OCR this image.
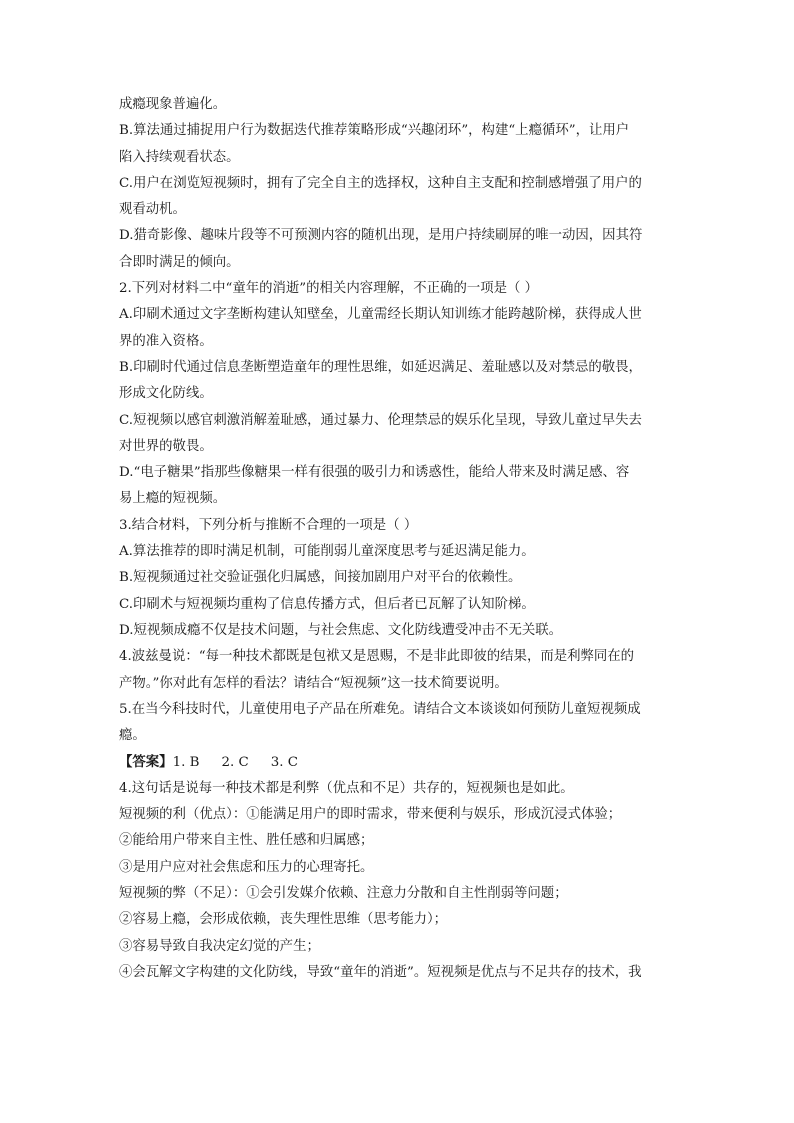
成瘾现象普遍化。
B.算法通过捕捉用户行为数据迭代推荐策略形成“兴趣闭环”，构建“上瘾循环”，让用户
陷入持续观看状态。
C.用户在浏览短视频时，拥有了完全自主的选择权，这种自主支配和控制感增强了用户的
观看动机。
D.猎奇影像、趣味片段等不可预测内容的随机出现，是用户持续刷屏的唯一动因，因其符
合即时满足的倾向。
2.下列对材料二中“童年的消逝”的相关内容理解，不正确的一项是（ ）
A.印刷术通过文字垄断构建认知壁垒，儿童需经长期认知训练才能跨越阶梯，获得成人世
界的准入资格。
B.印刷时代通过信息垄断塑造童年的理性思维，如延迟满足、羞耻感以及对禁忌的敬畏，
形成文化防线。
C.短视频以感官刺激消解羞耻感，通过暴力、伦理禁忌的娱乐化呈现，导致儿童过早失去
对世界的敬畏。
D.“电子糖果”指那些像糖果一样有很强的吸引力和诱惑性，能给人带来及时满足感、容
易上瘾的短视频。
3.结合材料，下列分析与推断不合理的一项是（ ）
A.算法推荐的即时满足机制，可能削弱儿童深度思考与延迟满足能力。
B.短视频通过社交验证强化归属感，间接加剧用户对平台的依赖性。
C.印刷术与短视频均重构了信息传播方式，但后者已瓦解了认知阶梯。
D.短视频成瘾不仅是技术问题，与社会焦虑、文化防线遭受冲击不无关联。
4.波兹曼说：“每一种技术都既是包袱又是恩赐，不是非此即彼的结果，而是利弊同在的
产物。”你对此有怎样的看法？请结合“短视频”这一技术简要说明。
5.在当今科技时代，儿童使用电子产品在所难免。请结合文本谈谈如何预防儿童短视频成
瘾。
【答案】1. B 2. C 3. C
4.这句话是说每一种技术都是利弊（优点和不足）共存的，短视频也是如此。
短视频的利（优点）：①能满足用户的即时需求，带来便利与娱乐，形成沉浸式体验；
②能给用户带来自主性、胜任感和归属感；
③是用户应对社会焦虑和压力的心理寄托。
短视频的弊（不足）：①会引发媒介依赖、注意力分散和自主性削弱等问题；
②容易上瘾，会形成依赖，丧失理性思维（思考能力）；
③容易导致自我决定幻觉的产生；
④会瓦解文字构建的文化防线，导致“童年的消逝”。短视频是优点与不足共存的技术，我
